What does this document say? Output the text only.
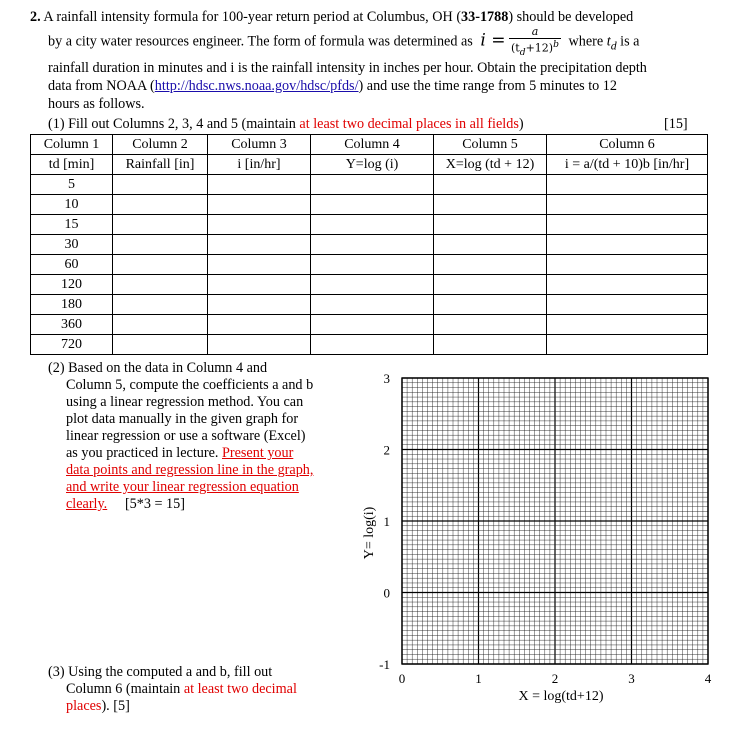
2. A rainfall intensity formula for 100-year return period at Columbus, OH (33-1788) should be developed
by a city water resources engineer. The form of formula was determined as $i = \frac{a}{(t_d+12)^b}$ where $t_d$ is a
rainfall duration in minutes and i is the rainfall intensity in inches per hour. Obtain the precipitation depth
data from NOAA (http://hdsc.nws.noaa.gov/hdsc/pfds/) and use the time range from 5 minutes to 12
hours as follows.
(1) Fill out Columns 2, 3, 4 and 5 (maintain at least two decimal places in all fields)	[15]
Column 1	Column 2	Column 3	Column 4	Column 5	Column 6
td [min]	Rainfall [in]	i [in/hr]	Y=log (i)	X=log (td + 12)	i = a/(td + 10)b [in/hr]
5					
10					
15					
30					
60					
120					
180					
360					
720					
(2) Based on the data in Column 4 and
Column 5, compute the coefficients a and b
using a linear regression method. You can
plot data manually in the given graph for
linear regression or use a software (Excel)
as you practiced in lecture. Present your
data points and regression line in the graph,
and write your linear regression equation
clearly. [5*3 = 15]
(3) Using the computed a and b, fill out
Column 6 (maintain at least two decimal
places). [5]
0	1	2	3	4
3
2
1
0
-1
X = log(td+12)
Y= log(i)
